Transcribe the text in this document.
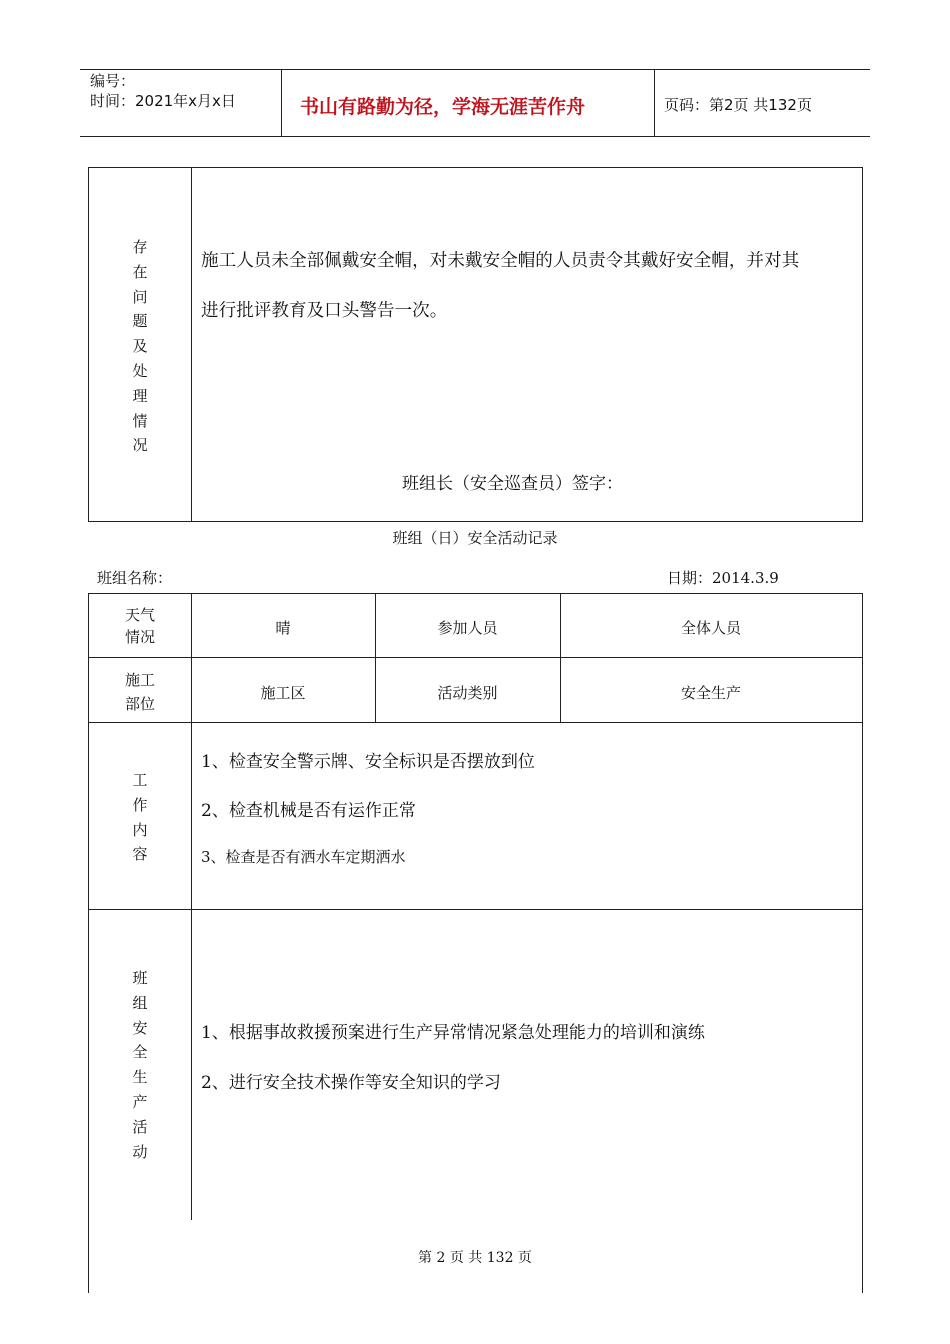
编号：
时间：2021年x月x日	书山有路勤为径，学海无涯苦作舟	页码：第2页 共132页
存
在
问
题
及
处
理
情
况
施工人员未全部佩戴安全帽，对未戴安全帽的人员责令其戴好安全帽，并对其
进行批评教育及口头警告一次。
班组长（安全巡查员）签字：
班组（日）安全活动记录
班组名称：	日期：2014.3.9
天气
情况	晴	参加人员	全体人员
施工
部位
施工区	活动类别	安全生产
工
作
内
容
1、检查安全警示牌、安全标识是否摆放到位
2、检查机械是否有运作正常
3、检查是否有洒水车定期洒水
班
组
安
全
生
产
活
动
1、根据事故救援预案进行生产异常情况紧急处理能力的培训和演练
2、进行安全技术操作等安全知识的学习
第 2 页 共 132 页
